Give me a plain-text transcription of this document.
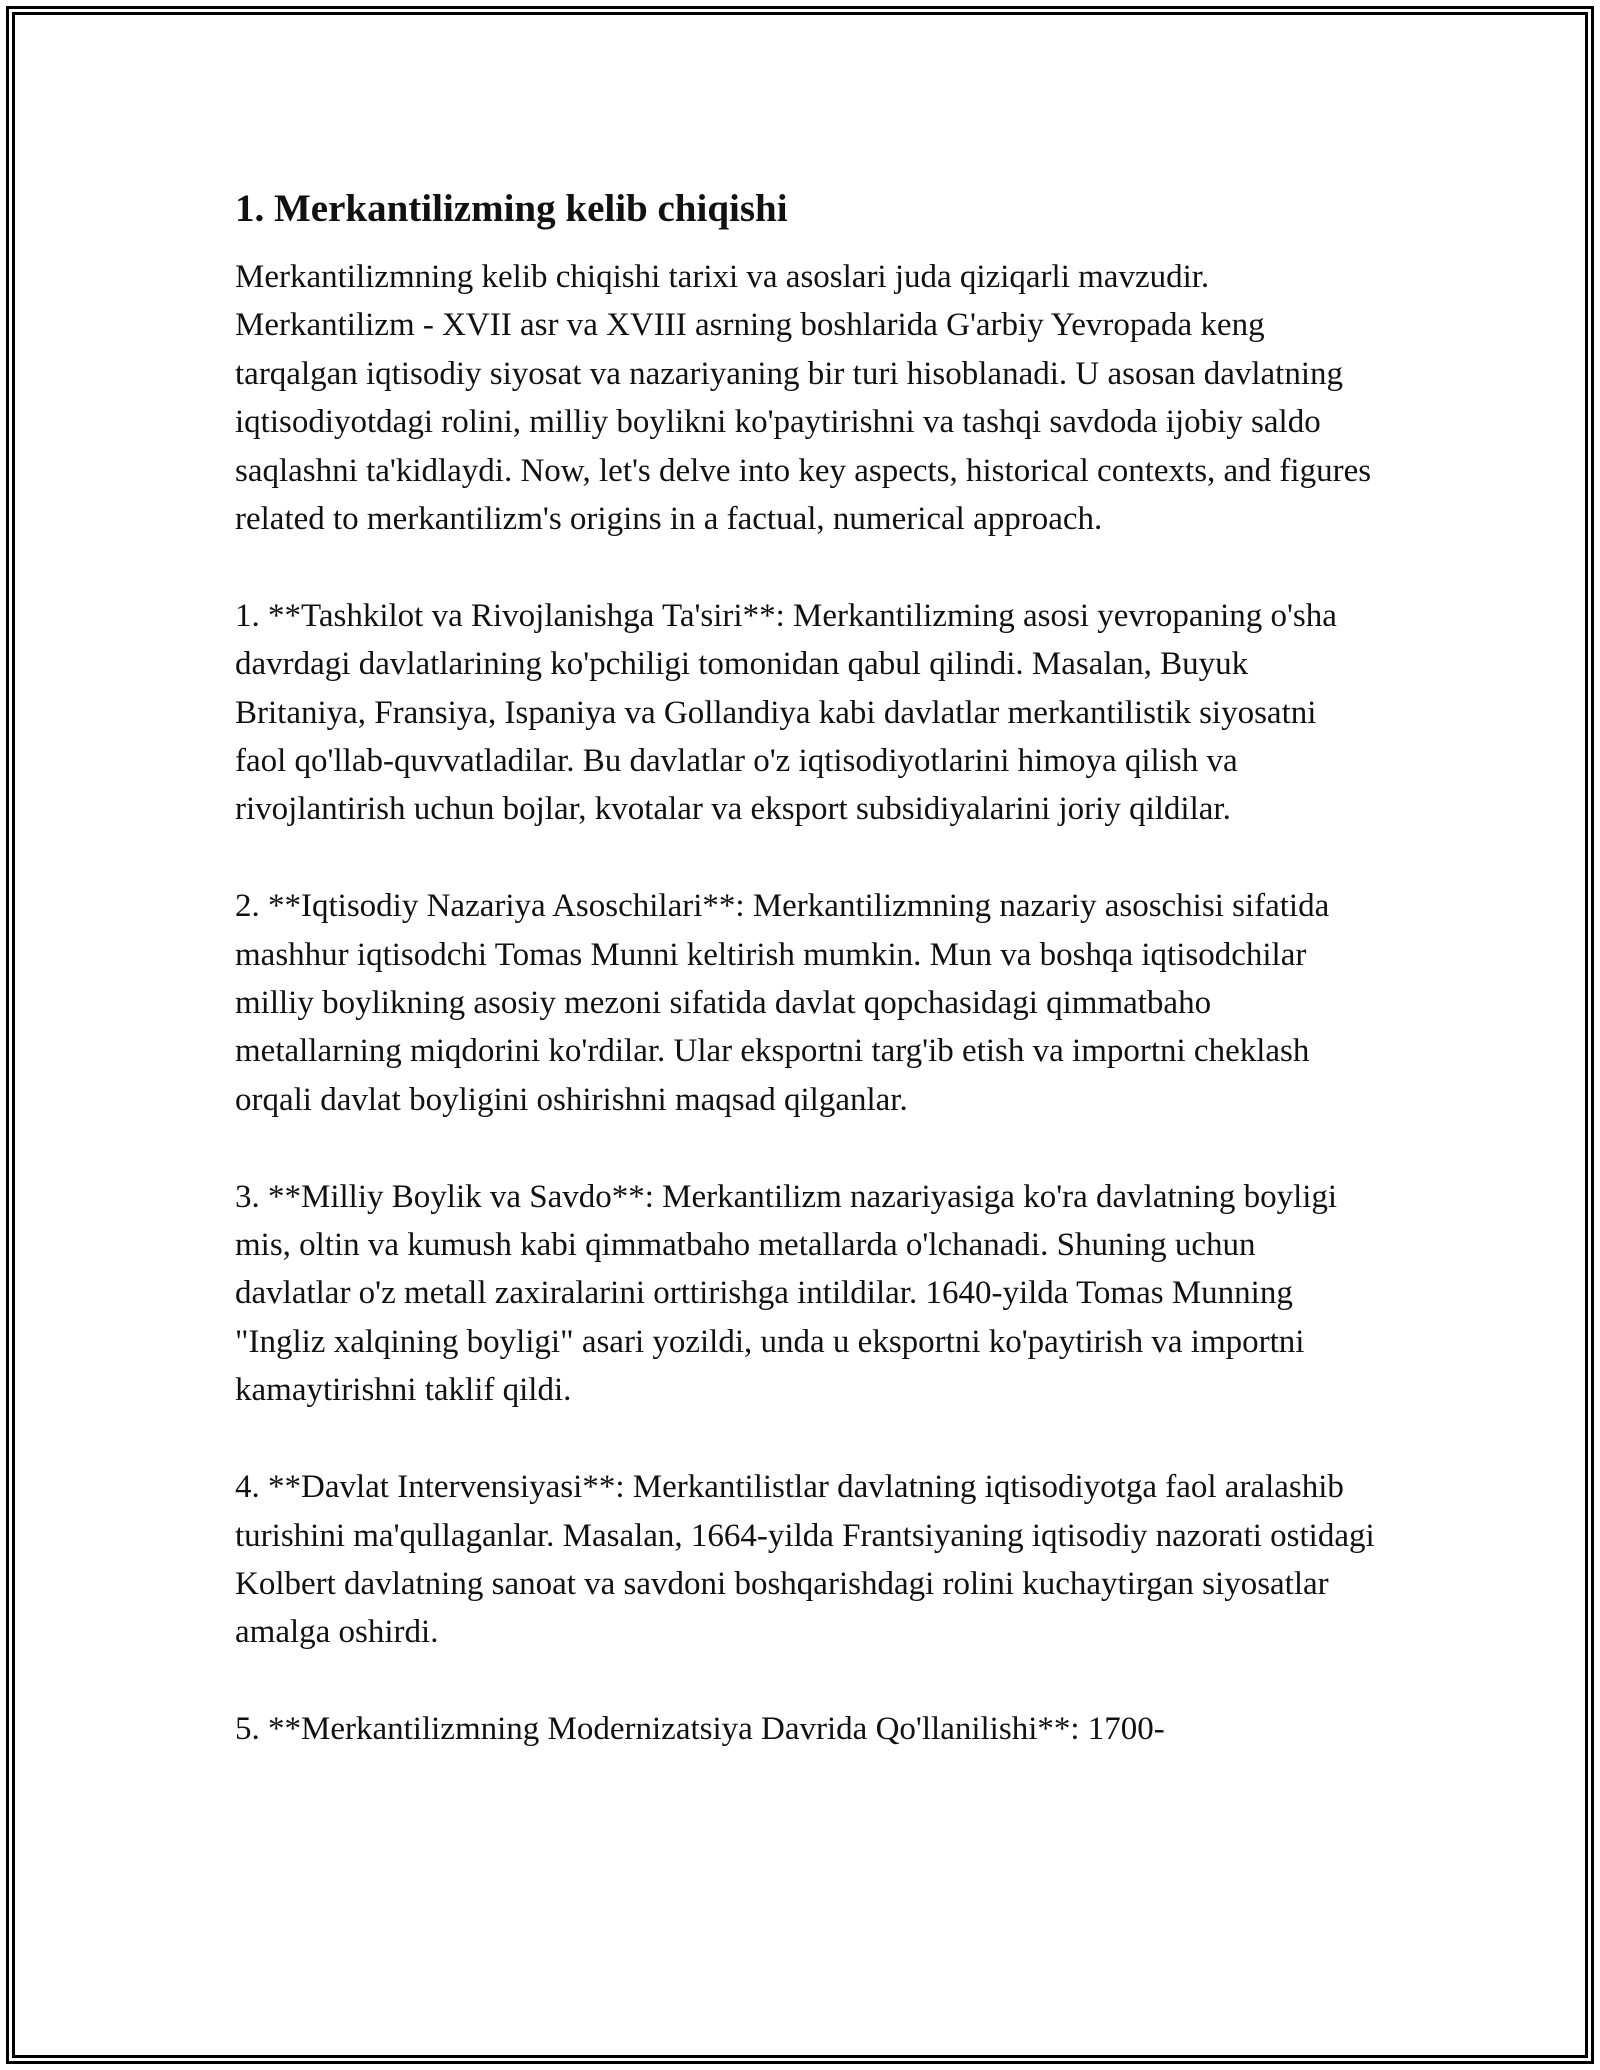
1. Merkantilizming kelib chiqishi

Merkantilizmning kelib chiqishi tarixi va asoslari juda qiziqarli mavzudir. Merkantilizm - XVII asr va XVIII asrning boshlarida G'arbiy Yevropada keng tarqalgan iqtisodiy siyosat va nazariyaning bir turi hisoblanadi. U asosan davlatning iqtisodiyotdagi rolini, milliy boylikni ko'paytirishni va tashqi savdoda ijobiy saldo saqlashni ta'kidlaydi. Now, let's delve into key aspects, historical contexts, and figures related to merkantilizm's origins in a factual, numerical approach.

1. **Tashkilot va Rivojlanishga Ta'siri**: Merkantilizming asosi yevropaning o'sha davrdagi davlatlarining ko'pchiligi tomonidan qabul qilindi. Masalan, Buyuk Britaniya, Fransiya, Ispaniya va Gollandiya kabi davlatlar merkantilistik siyosatni faol qo'llab-quvvatladilar. Bu davlatlar o'z iqtisodiyotlarini himoya qilish va rivojlantirish uchun bojlar, kvotalar va eksport subsidiyalarini joriy qildilar.

2. **Iqtisodiy Nazariya Asoschilari**: Merkantilizmning nazariy asoschisi sifatida mashhur iqtisodchi Tomas Munni keltirish mumkin. Mun va boshqa iqtisodchilar milliy boylikning asosiy mezoni sifatida davlat qopchasidagi qimmatbaho metallarning miqdorini ko'rdilar. Ular eksportni targ'ib etish va importni cheklash orqali davlat boyligini oshirishni maqsad qilganlar.

3. **Milliy Boylik va Savdo**: Merkantilizm nazariyasiga ko'ra davlatning boyligi mis, oltin va kumush kabi qimmatbaho metallarda o'lchanadi. Shuning uchun davlatlar o'z metall zaxiralarini orttirishga intildilar. 1640-yilda Tomas Munning "Ingliz xalqining boyligi" asari yozildi, unda u eksportni ko'paytirish va importni kamaytirishni taklif qildi.

4. **Davlat Intervensiyasi**: Merkantilistlar davlatning iqtisodiyotga faol aralashib turishini ma'qullaganlar. Masalan, 1664-yilda Frantsiyaning iqtisodiy nazorati ostidagi Kolbert davlatning sanoat va savdoni boshqarishdagi rolini kuchaytirgan siyosatlar amalga oshirdi.

5. **Merkantilizmning Modernizatsiya Davrida Qo'llanilishi**: 1700-
